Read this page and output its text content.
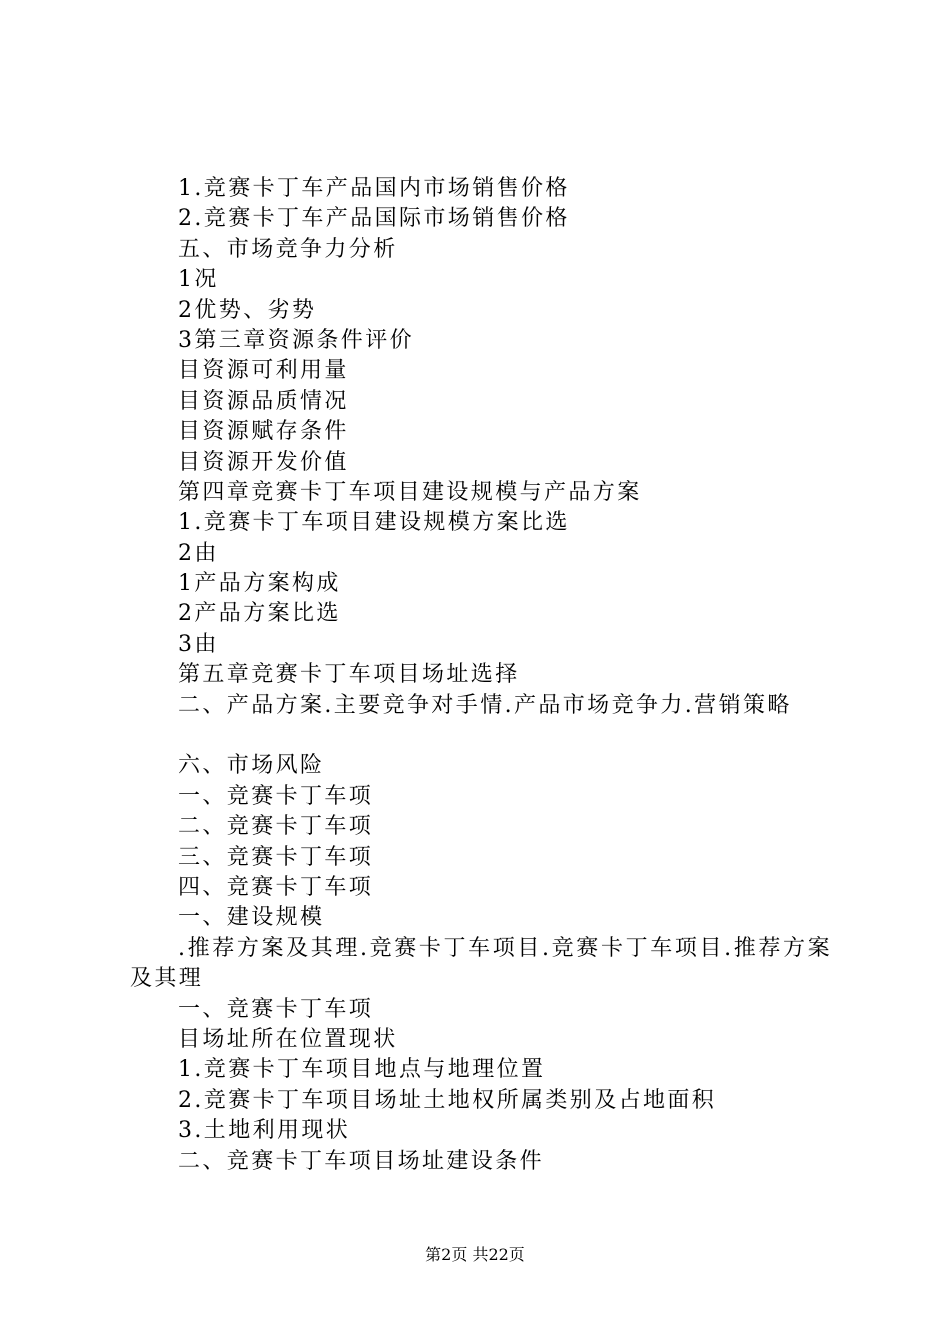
1.竞赛卡丁车产品国内市场销售价格
2.竞赛卡丁车产品国际市场销售价格
五、市场竞争力分析
1况
2优势、劣势
3第三章资源条件评价
目资源可利用量
目资源品质情况
目资源赋存条件
目资源开发价值
第四章竞赛卡丁车项目建设规模与产品方案
1.竞赛卡丁车项目建设规模方案比选
2由
1产品方案构成
2产品方案比选
3由
第五章竞赛卡丁车项目场址选择
二、产品方案.主要竞争对手情.产品市场竞争力.营销策略
六、市场风险
一、竞赛卡丁车项
二、竞赛卡丁车项
三、竞赛卡丁车项
四、竞赛卡丁车项
一、建设规模
.推荐方案及其理.竞赛卡丁车项目.竞赛卡丁车项目.推荐方案及其理
一、竞赛卡丁车项
目场址所在位置现状
1.竞赛卡丁车项目地点与地理位置
2.竞赛卡丁车项目场址土地权所属类别及占地面积
3.土地利用现状
二、竞赛卡丁车项目场址建设条件
第2页 共22页
